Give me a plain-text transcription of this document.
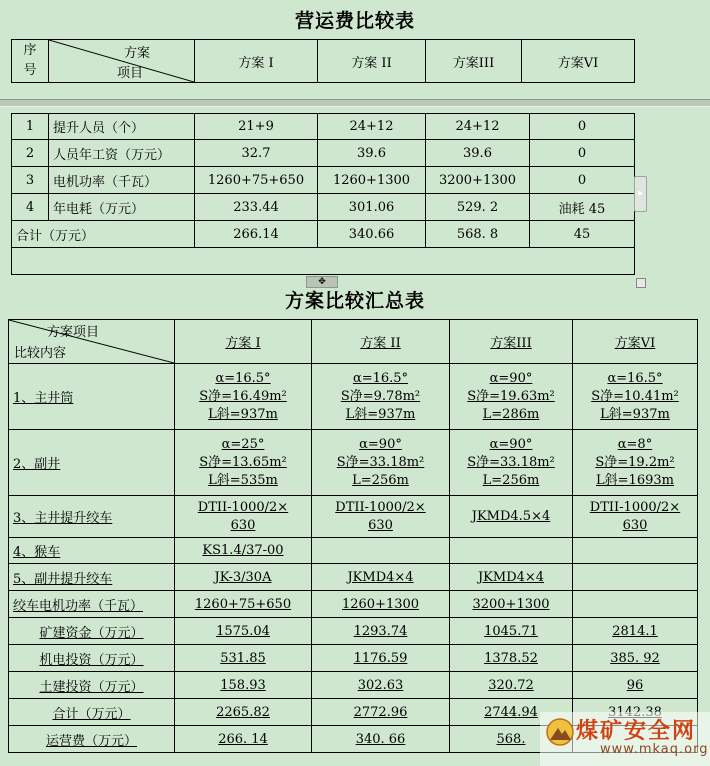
营运费比较表
序
号

方案
项目
	方案 I	方案 II	方案III	方案VI
1	提升人员（个）	21+9	24+12	24+12	0
2	人员年工资（万元）	32.7	39.6	39.6	0
3	电机功率（千瓦）	1260+75+650	1260+1300	3200+1300	0
4	年电耗（万元）	233.44	301.06	529. 2	油耗 45
合计（万元）		266.14	340.66	568. 8	45

▸
✥
方案比较汇总表
方案项目
比较内容	方案 I	方案 II	方案III	方案VI
1、主井筒	α=16.5°
S净=16.49m²
L斜=937m	α=16.5°
S净=9.78m²
L斜=937m	α=90°
S净=19.63m²
L=286m	α=16.5°
S净=10.41m²
L斜=937m

2、副井	α=25°
S净=13.65m²
L斜=535m	α=90°
S净=33.18m²
L=256m	α=90°
S净=33.18m²
L=256m	α=8°
S净=19.2m²
L斜=1693m

3、主井提升绞车	DTII-1000/2×
630	DTII-1000/2×
630	JKMD4.5×4	DTII-1000/2×
630

4、猴车	KS1.4/37-00			
5、副井提升绞车	JK-3/30A	JKMD4×4	JKMD4×4	
绞车电机功率（千瓦）	1260+75+650	1260+1300	3200+1300	
矿建资金（万元）	1575.04	1293.74	1045.71	2814.1
机电投资（万元）	531.85	1176.59	1378.52	385. 92
土建投资（万元）	158.93	302.63	320.72	96
合计（万元）	2265.82	2772.96	2744.94	
运营费（万元）	266. 14	340. 66	568.	煤矿安全网
www.mkaq.org
